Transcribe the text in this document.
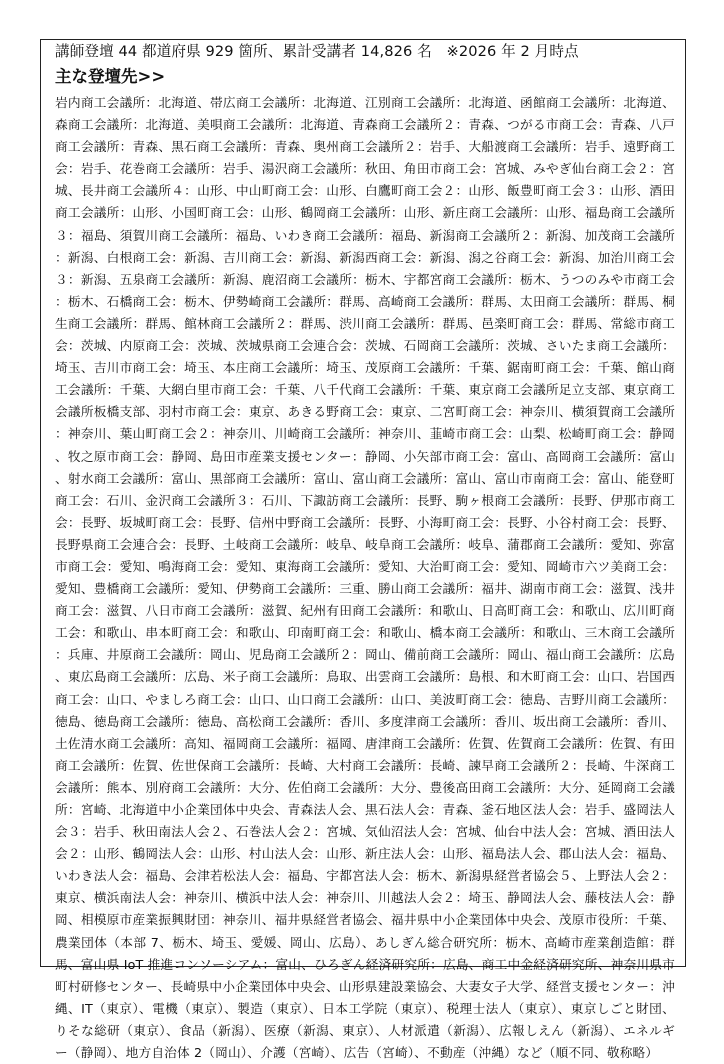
講師登壇 44 都道府県 929 箇所、累計受講者 14,826 名　※2026 年 2 月時点

主な登壇先>>

岩内商工会議所：北海道、帯広商工会議所：北海道、江別商工会議所：北海道、函館商工会議所：北海道、森商工会議所：北海道、美唄商工会議所：北海道、青森商工会議所２：青森、つがる市商工会：青森、八戸商工会議所：青森、黒石商工会議所：青森、奥州商工会議所２：岩手、大船渡商工会議所：岩手、遠野商工会：岩手、花巻商工会議所：岩手、湯沢商工会議所：秋田、角田市商工会：宮城、みやぎ仙台商工会２：宮城、長井商工会議所４：山形、中山町商工会：山形、白鷹町商工会２：山形、飯豊町商工会３：山形、酒田商工会議所：山形、小国町商工会：山形、鶴岡商工会議所：山形、新庄商工会議所：山形、福島商工会議所３：福島、須賀川商工会議所：福島、いわき商工会議所：福島、新潟商工会議所２：新潟、加茂商工会議所：新潟、白根商工会：新潟、吉川商工会：新潟、新潟西商工会：新潟、潟之谷商工会：新潟、加治川商工会３：新潟、五泉商工会議所：新潟、鹿沼商工会議所：栃木、宇都宮商工会議所：栃木、うつのみや市商工会：栃木、石橋商工会：栃木、伊勢崎商工会議所：群馬、高崎商工会議所：群馬、太田商工会議所：群馬、桐生商工会議所：群馬、館林商工会議所２：群馬、渋川商工会議所：群馬、邑楽町商工会：群馬、常総市商工会：茨城、内原商工会：茨城、茨城県商工会連合会：茨城、石岡商工会議所：茨城、さいたま商工会議所：埼玉、吉川市商工会：埼玉、本庄商工会議所：埼玉、茂原商工会議所：千葉、鋸南町商工会：千葉、館山商工会議所：千葉、大網白里市商工会：千葉、八千代商工会議所：千葉、東京商工会議所足立支部、東京商工会議所板橋支部、羽村市商工会：東京、あきる野商工会：東京、二宮町商工会：神奈川、横須賀商工会議所：神奈川、葉山町商工会２：神奈川、川崎商工会議所：神奈川、韮崎市商工会：山梨、松崎町商工会：静岡、牧之原市商工会：静岡、島田市産業支援センター：静岡、小矢部市商工会：富山、高岡商工会議所：富山、射水商工会議所：富山、黒部商工会議所：富山、富山商工会議所：富山、富山市南商工会：富山、能登町商工会：石川、金沢商工会議所３：石川、下諏訪商工会議所：長野、駒ヶ根商工会議所：長野、伊那市商工会：長野、坂城町商工会：長野、信州中野商工会議所：長野、小海町商工会：長野、小谷村商工会：長野、長野県商工会連合会：長野、土岐商工会議所：岐阜、岐阜商工会議所：岐阜、蒲郡商工会議所：愛知、弥富市商工会：愛知、鳴海商工会：愛知、東海商工会議所：愛知、大治町商工会：愛知、岡崎市六ツ美商工会：愛知、豊橋商工会議所：愛知、伊勢商工会議所：三重、勝山商工会議所：福井、湖南市商工会：滋賀、浅井商工会：滋賀、八日市商工会議所：滋賀、紀州有田商工会議所：和歌山、日高町商工会：和歌山、広川町商工会：和歌山、串本町商工会：和歌山、印南町商工会：和歌山、橋本商工会議所：和歌山、三木商工会議所：兵庫、井原商工会議所：岡山、児島商工会議所２：岡山、備前商工会議所：岡山、福山商工会議所：広島、東広島商工会議所：広島、米子商工会議所：鳥取、出雲商工会議所：島根、和木町商工会：山口、岩国西商工会：山口、やましろ商工会：山口、山口商工会議所：山口、美波町商工会：徳島、吉野川商工会議所：徳島、徳島商工会議所：徳島、高松商工会議所：香川、多度津商工会議所：香川、坂出商工会議所：香川、土佐清水商工会議所：高知、福岡商工会議所：福岡、唐津商工会議所：佐賀、佐賀商工会議所：佐賀、有田商工会議所：佐賀、佐世保商工会議所：長崎、大村商工会議所：長崎、諫早商工会議所２：長崎、牛深商工会議所：熊本、別府商工会議所：大分、佐伯商工会議所：大分、豊後高田商工会議所：大分、延岡商工会議所：宮崎、北海道中小企業団体中央会、青森法人会、黒石法人会：青森、釜石地区法人会：岩手、盛岡法人会３：岩手、秋田南法人会２、石巻法人会２：宮城、気仙沼法人会：宮城、仙台中法人会：宮城、酒田法人会２：山形、鶴岡法人会：山形、村山法人会：山形、新庄法人会：山形、福島法人会、郡山法人会：福島、いわき法人会：福島、会津若松法人会：福島、宇都宮法人会：栃木、新潟県経営者協会５、上野法人会２：東京、横浜南法人会：神奈川、横浜中法人会：神奈川、川越法人会２：埼玉、静岡法人会、藤枝法人会：静岡、相模原市産業振興財団：神奈川、福井県経営者協会、福井県中小企業団体中央会、茂原市役所：千葉、農業団体（本部 7、栃木、埼玉、愛媛、岡山、広島）、あしぎん総合研究所：栃木、高崎市産業創造館：群馬、富山県 IoT 推進コンソーシアム：富山、ひろぎん経済研究所：広島、商工中金経済研究所、神奈川県市町村研修センター、長崎県中小企業団体中央会、山形県建設業協会、大妻女子大学、経営支援センター：沖縄、IT（東京）、電機（東京）、製造（東京）、日本工学院（東京）、税理士法人（東京）、東京しごと財団、りそな総研（東京）、食品（新潟）、医療（新潟、東京）、人材派遣（新潟）、広報しえん（新潟）、エネルギー（静岡）、地方自治体 2（岡山）、介護（宮崎）、広告（宮崎）、不動産（沖縄）など（順不同、敬称略）
